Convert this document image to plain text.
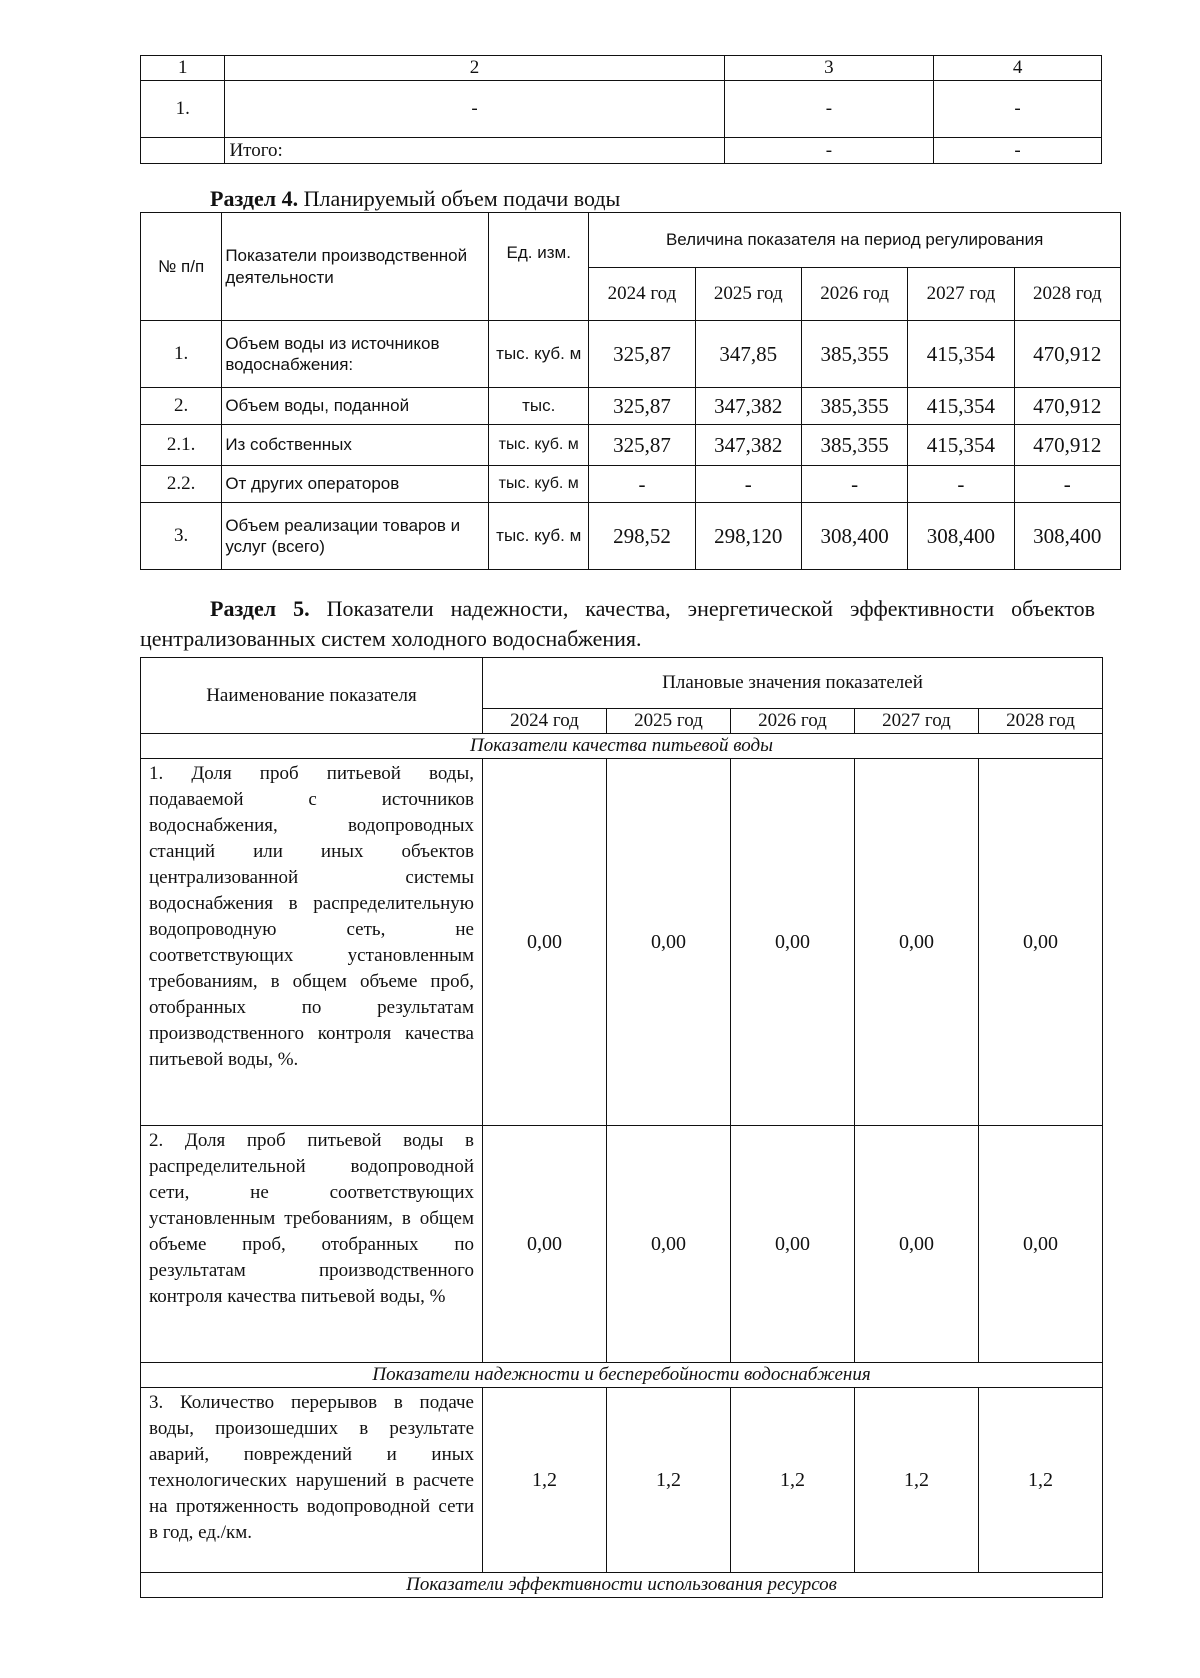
1	2	3	4
1.	-	-	-
	Итого:	-	-
Раздел 4. Планируемый объем подачи воды
№ п/п	Показатели производственной деятельности	Ед. изм.	Величина показателя на период регулирования				
			2024 год	2025 год	2026 год	2027 год	2028 год
1.	Объем воды из источников водоснабжения:	тыс. куб. м	325,87	347,85	385,355	415,354	470,912
2.	Объем воды, поданной	тыс.	325,87	347,382	385,355	415,354	470,912
2.1.	Из собственных	тыс. куб. м	325,87	347,382	385,355	415,354	470,912
2.2.	От других операторов	тыс. куб. м	-	-	-	-	-
3.	Объем реализации товаров и услуг (всего)	тыс. куб. м	298,52	298,120	308,400	308,400	308,400
Раздел 5. Показатели надежности, качества, энергетической эффективности объектов централизованных систем холодного водоснабжения.
Наименование показателя	Плановые значения показателей				
	2024 год	2025 год	2026 год	2027 год	2028 год
Показатели качества питьевой воды					
1. Доля проб питьевой воды, подаваемой с источников водоснабжения, водопроводных станций или иных объектов централизованной системы водоснабжения в распределительную водопроводную сеть, не соответствующих установленным требованиям, в общем объеме проб, отобранных по результатам производственного контроля качества питьевой воды, %.	0,00	0,00	0,00	0,00	0,00
2. Доля проб питьевой воды в распределительной водопроводной сети, не соответствующих установленным требованиям, в общем объеме проб, отобранных по результатам производственного контроля качества питьевой воды, %	0,00	0,00	0,00	0,00	0,00
Показатели надежности и бесперебойности водоснабжения					
3. Количество перерывов в подаче воды, произошедших в результате аварий, повреждений и иных технологических нарушений в расчете на протяженность водопроводной сети в год, ед./км.	1,2	1,2	1,2	1,2	1,2
Показатели эффективности использования ресурсов					
